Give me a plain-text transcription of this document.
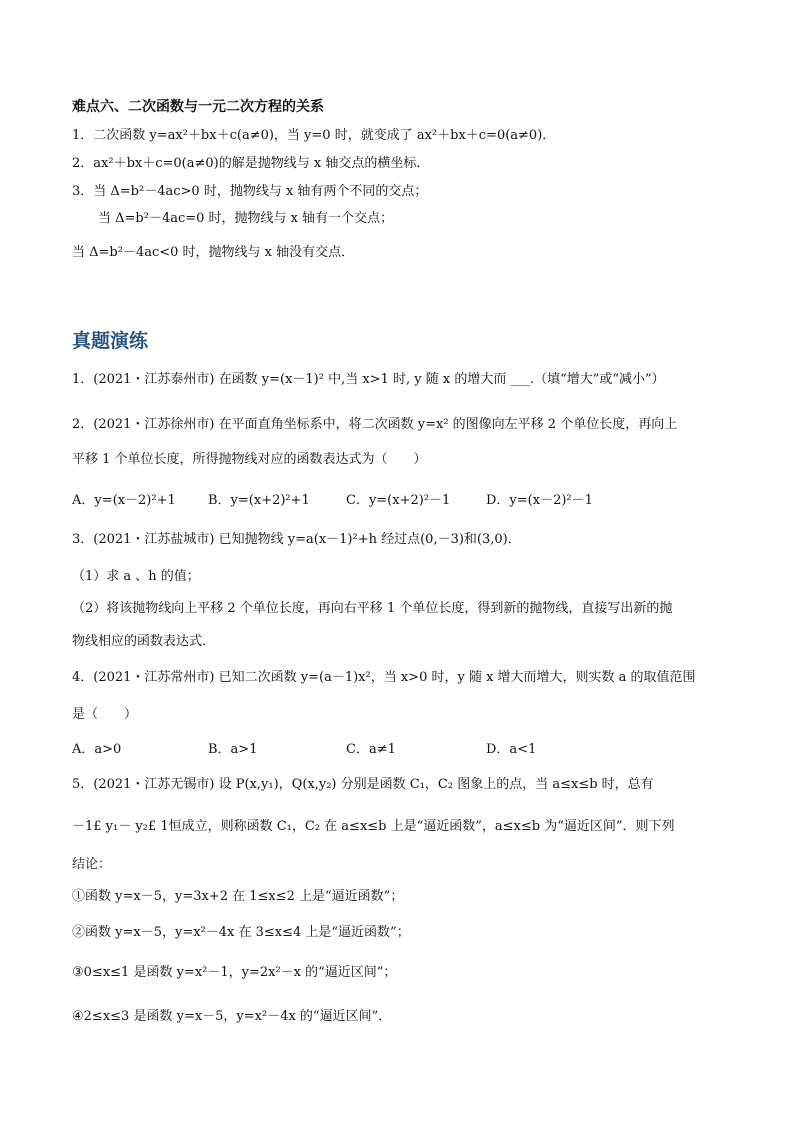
难点六、二次函数与一元二次方程的关系
1．二次函数 y=ax²＋bx＋c(a≠0)，当 y=0 时，就变成了 ax²＋bx＋c=0(a≠0)．
2．ax²＋bx＋c=0(a≠0)的解是抛物线与 x 轴交点的横坐标．
3．当 Δ=b²－4ac>0 时，抛物线与 x 轴有两个不同的交点；
当 Δ=b²－4ac=0 时，抛物线与 x 轴有一个交点；
当 Δ=b²－4ac<0 时，抛物线与 x 轴没有交点．
真题演练
1．(2021・江苏泰州市) 在函数 y=(x－1)² 中,当 x>1 时, y 随 x 的增大而 ___.（填“增大”或“减小”）
2．(2021・江苏徐州市) 在平面直角坐标系中，将二次函数 y=x² 的图像向左平移 2 个单位长度，再向上
平移 1 个单位长度，所得抛物线对应的函数表达式为（　　）
A．y=(x－2)²+1 B．y=(x+2)²+1	C．y=(x+2)²－1	D．y=(x－2)²－1
3．(2021・江苏盐城市) 已知抛物线 y=a(x－1)²+h 经过点(0,－3)和(3,0)．
（1）求 a 、h 的值；
（2）将该抛物线向上平移 2 个单位长度，再向右平移 1 个单位长度，得到新的抛物线，直接写出新的抛
物线相应的函数表达式．
4．(2021・江苏常州市) 已知二次函数 y=(a－1)x²，当 x>0 时，y 随 x 增大而增大，则实数 a 的取值范围
是（　　）
A．a>0	B．a>1	C．a≠1	D．a<1
5．(2021・江苏无锡市) 设 P(x,y₁)，Q(x,y₂) 分别是函数 C₁，C₂ 图象上的点，当 a≤x≤b 时，总有
－1£ y₁－ y₂£ 1恒成立，则称函数 C₁，C₂ 在 a≤x≤b 上是“逼近函数”，a≤x≤b 为“逼近区间”．则下列
结论：
①函数 y=x－5，y=3x+2 在 1≤x≤2 上是“逼近函数”；
②函数 y=x－5，y=x²－4x 在 3≤x≤4 上是“逼近函数”；
③0≤x≤1 是函数 y=x²－1，y=2x²－x 的“逼近区间”；
④2≤x≤3 是函数 y=x－5，y=x²－4x 的“逼近区间”．
